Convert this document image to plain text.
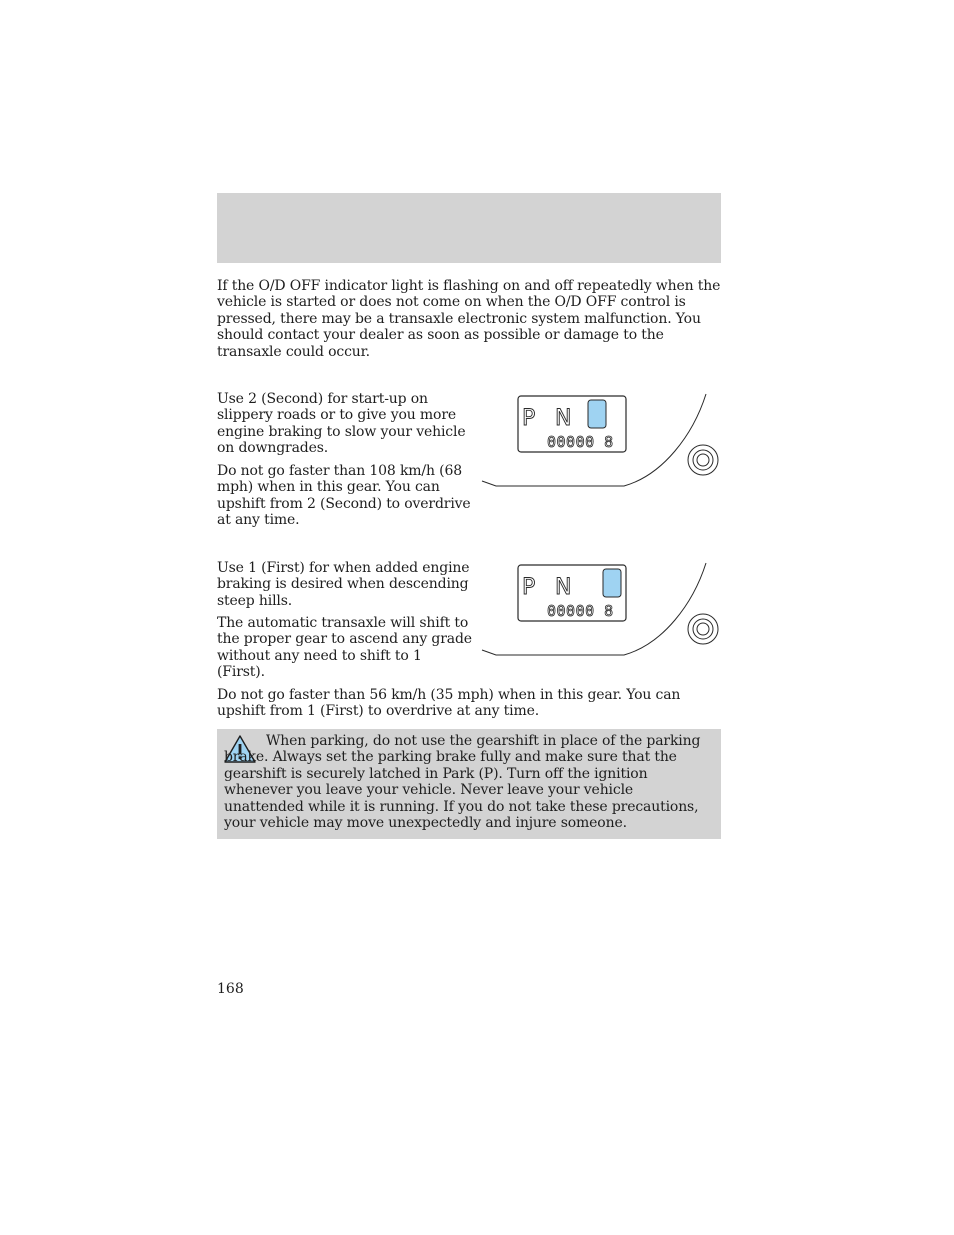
If the O/D OFF indicator light is flashing on and off repeatedly when the vehicle is started or does not come on when the O/D OFF control is pressed, there may be a transaxle electronic system malfunction. You should contact your dealer as soon as possible or damage to the transaxle could occur.

Use 2 (Second) for start-up on slippery roads or to give you more engine braking to slow your vehicle on downgrades.

Do not go faster than 108 km/h (68 mph) when in this gear. You can upshift from 2 (Second) to overdrive at any time.

P N
00000 8

Use 1 (First) for when added engine braking is desired when descending steep hills.

The automatic transaxle will shift to the proper gear to ascend any grade without any need to shift to 1 (First).

P N
00000 8

Do not go faster than 56 km/h (35 mph) when in this gear. You can upshift from 1 (First) to overdrive at any time.

When parking, do not use the gearshift in place of the parking brake. Always set the parking brake fully and make sure that the gearshift is securely latched in Park (P). Turn off the ignition whenever you leave your vehicle. Never leave your vehicle unattended while it is running. If you do not take these precautions, your vehicle may move unexpectedly and injure someone.

168
